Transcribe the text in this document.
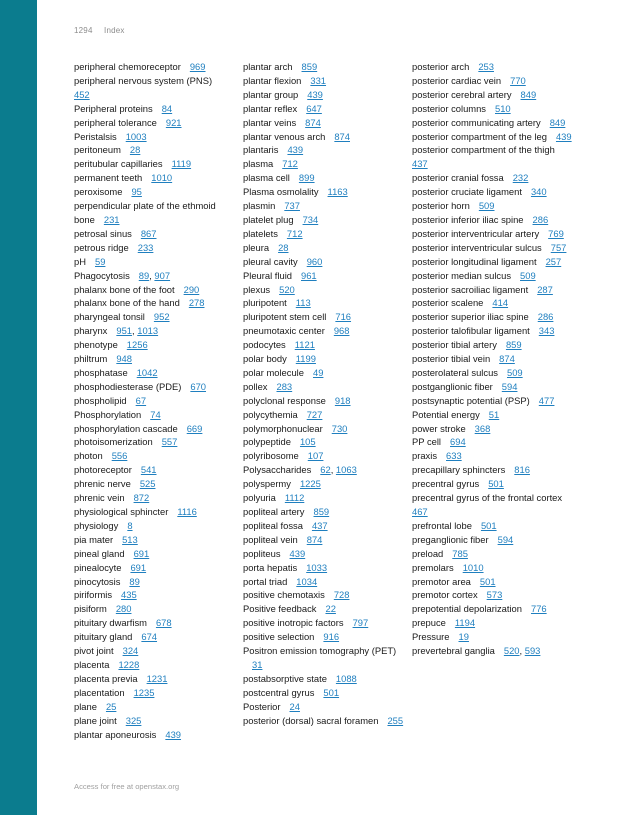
1294 Index
peripheral chemoreceptor 969
peripheral nervous system (PNS)452
Peripheral proteins 84
peripheral tolerance 921
Peristalsis 1003
peritoneum 28
peritubular capillaries 1119
permanent teeth 1010
peroxisome 95
perpendicular plate of the ethmoid bone 231
petrosal sinus 867
petrous ridge 233
pH 59
Phagocytosis 89, 907
phalanx bone of the foot 290
phalanx bone of the hand 278
pharyngeal tonsil 952
pharynx 951, 1013
phenotype 1256
philtrum 948
phosphatase 1042
phosphodiesterase (PDE) 670
phospholipid 67
Phosphorylation 74
phosphorylation cascade 669
photoisomerization 557
photon 556
photoreceptor 541
phrenic nerve 525
phrenic vein 872
physiological sphincter 1116
physiology 8
pia mater 513
pineal gland 691
pinealocyte 691
pinocytosis 89
piriformis 435
pisiform 280
pituitary dwarfism 678
pituitary gland 674
pivot joint 324
placenta 1228
placenta previa 1231
placentation 1235
plane 25
plane joint 325
plantar aponeurosis 439
plantar arch 859
plantar flexion 331
plantar group 439
plantar reflex 647
plantar veins 874
plantar venous arch 874
plantaris 439
plasma 712
plasma cell 899
Plasma osmolality 1163
plasmin 737
platelet plug 734
platelets 712
pleura 28
pleural cavity 960
Pleural fluid 961
plexus 520
pluripotent 113
pluripotent stem cell 716
pneumotaxic center 968
podocytes 1121
polar body 1199
polar molecule 49
pollex 283
polyclonal response 918
polycythemia 727
polymorphonuclear 730
polypeptide 105
polyribosome 107
Polysaccharides 62, 1063
polyspermy 1225
polyuria 1112
popliteal artery 859
popliteal fossa 437
popliteal vein 874
popliteus 439
porta hepatis 1033
portal triad 1034
positive chemotaxis 728
Positive feedback 22
positive inotropic factors 797
positive selection 916
Positron emission tomography (PET)31
postabsorptive state 1088
postcentral gyrus 501
Posterior 24
posterior (dorsal) sacral foramen 255
posterior arch 253
posterior cardiac vein 770
posterior cerebral artery 849
posterior columns 510
posterior communicating artery 849
posterior compartment of the leg 439
posterior compartment of the thigh437
posterior cranial fossa 232
posterior cruciate ligament 340
posterior horn 509
posterior inferior iliac spine 286
posterior interventricular artery 769
posterior interventricular sulcus 757
posterior longitudinal ligament 257
posterior median sulcus 509
posterior sacroiliac ligament 287
posterior scalene 414
posterior superior iliac spine 286
posterior talofibular ligament 343
posterior tibial artery 859
posterior tibial vein 874
posterolateral sulcus 509
postganglionic fiber 594
postsynaptic potential (PSP) 477
Potential energy 51
power stroke 368
PP cell 694
praxis 633
precapillary sphincters 816
precentral gyrus 501
precentral gyrus of the frontal cortex467
prefrontal lobe 501
preganglionic fiber 594
preload 785
premolars 1010
premotor area 501
premotor cortex 573
prepotential depolarization 776
prepuce 1194
Pressure 19
prevertebral ganglia 520, 593
Access for free at openstax.org
